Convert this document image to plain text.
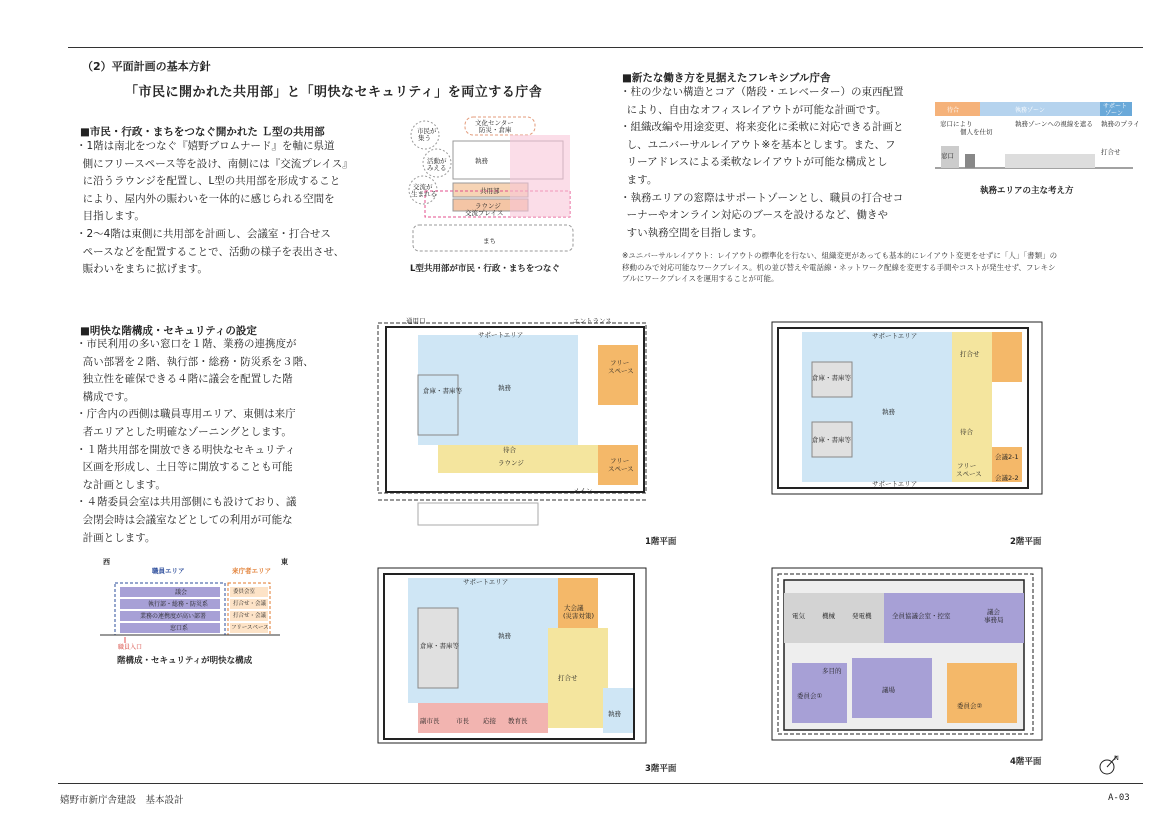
（2）平面計画の基本方針
「市民に開かれた共用部」と「明快なセキュリティ」を両立する庁舎
■市民・行政・まちをつなぐ開かれた Ｌ型の共用部
・1階は南北をつなぐ『嬉野ブロムナード』を軸に県道
側にフリースペース等を設け、南側には『交流プレイス』
に沿うラウンジを配置し、L型の共用部を形成すること
により、屋内外の賑わいを一体的に感じられる空間を
目指します。
・2～4階は東側に共用部を計画し、会議室・打合せス
ペースなどを配置することで、活動の様子を表出させ、
賑わいをまちに拡げます。
市民が
集う
活動が
みえる
交流が
生まれる
文化センター
防災・倉庫
執務
共用部
ラウンジ
交流プレイス
まち
L型共用部が市民・行政・まちをつなぐ
■新たな働き方を見据えたフレキシブル庁舎
・柱の少ない構造とコア（階段・エレベーター）の東西配置
により、自由なオフィスレイアウトが可能な計画です。
・組織改編や用途変更、将来変化に柔軟に対応できる計画と
し、ユニバーサルレイアウト※を基本とします。また、フ
リーアドレスによる柔軟なレイアウトが可能な構成とし
ます。
・執務エリアの窓際はサポートゾーンとし、職員の打合せコ
ーナーやオンライン対応のブースを設けるなど、働きや
すい執務空間を目指します。
※ユニバーサルレイアウト：レイアウトの標準化を行ない、組織変更があっても基本的にレイアウト変更をせずに「人」「書類」の
移動のみで対応可能なワークプレイス。机の並び替えや電話線・ネットワーク配線を変更する手間やコストが発生せず、フレキシ
ブルにワークプレイスを運用することが可能。
待合	執務ゾーン
サポート
ゾーン
窓口により
個人を仕切
執務ゾーンへの視線を遮る 執務のプライ
窓口	打合せ
執務エリアの主な考え方
■明快な階構成・セキュリティの設定
・市民利用の多い窓口を１階、業務の連携度が
高い部署を２階、執行部・総務・防災系を３階、
独立性を確保できる４階に議会を配置した階
構成です。
・庁舎内の西側は職員専用エリア、東側は来庁
者エリアとした明確なゾーニングとします。
・１階共用部を開放できる明快なセキュリティ
区画を形成し、土日等に開放することも可能
な計画とします。
・４階委員会室は共用部側にも設けており、議
会閉会時は会議室などとしての利用が可能な
計画とします。
西	東
職員エリア	来庁者エリア
議会
執行部・総務・防災系
業務の連携度が高い部署
窓口系
委員会室
打合せ・会議
打合せ・会議
フリースペース
職員入口
階構成・セキュリティが明快な構成
通用口	エントランス
サポートエリア
執務
倉庫・書庫等
待合
ラウンジ
フリー
スペース
フリー
スペース
メイン
1階平面
サポートエリア
執務
倉庫・書庫等
倉庫・書庫等
打合せ
待合
フリー
スペース
会議2-1
会議2-2
サポートエリア
2階平面
サポートエリア
大会議
(災害対策)
倉庫・書庫等
執務
打合せ
副市長	市長 応接 教育長
執務
3階平面
電気	機械	発電機	全員協議会室・控室	議会
事務局
多目的
議場
委員会①
委員会②
4階平面	N
嬉野市新庁舎建設　基本設計	A-03
